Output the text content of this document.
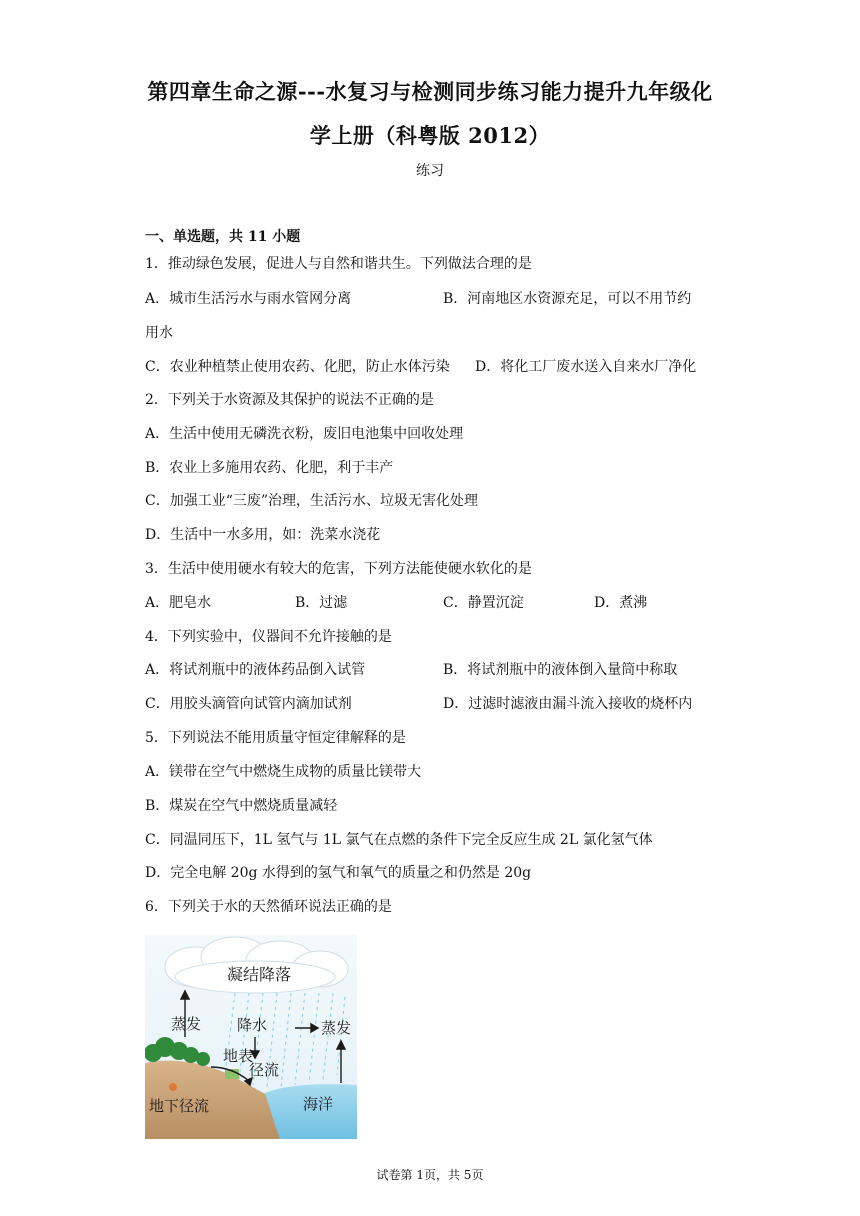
第四章生命之源---水复习与检测同步练习能力提升九年级化
学上册（科粤版 2012）
练习
一、单选题，共 11 小题
1．推动绿色发展，促进人与自然和谐共生。下列做法合理的是
A．城市生活污水与雨水管网分离	B．河南地区水资源充足，可以不用节约
用水
C．农业种植禁止使用农药、化肥，防止水体污染 D．将化工厂废水送入自来水厂净化
2．下列关于水资源及其保护的说法不正确的是
A．生活中使用无磷洗衣粉，废旧电池集中回收处理
B．农业上多施用农药、化肥，利于丰产
C．加强工业“三废”治理，生活污水、垃圾无害化处理
D．生活中一水多用，如：洗菜水浇花
3．生活中使用硬水有较大的危害，下列方法能使硬水软化的是
A．肥皂水	B．过滤	C．静置沉淀	D．煮沸
4．下列实验中，仪器间不允许接触的是
A．将试剂瓶中的液体药品倒入试管	B．将试剂瓶中的液体倒入量筒中称取
C．用胶头滴管向试管内滴加试剂	D．过滤时滤液由漏斗流入接收的烧杯内
5．下列说法不能用质量守恒定律解释的是
A．镁带在空气中燃烧生成物的质量比镁带大
B．煤炭在空气中燃烧质量减轻
C．同温同压下，1L 氢气与 1L 氯气在点燃的条件下完全反应生成 2L 氯化氢气体
D．完全电解 20g 水得到的氢气和氧气的质量之和仍然是 20g
6．下列关于水的天然循环说法正确的是
凝结降落
蒸发 降水	蒸发
地表
径流
地下径流	海洋
试卷第 1页，共 5页
